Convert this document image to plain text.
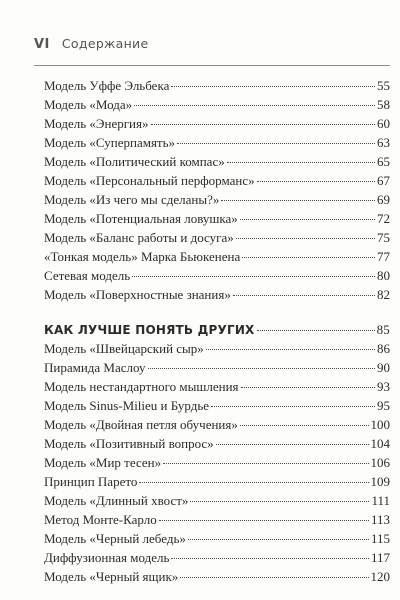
VI Содержание
Модель Уффе Эльбека	55
Модель «Мода»	58
Модель «Энергия»	60
Модель «Суперпамять»	63
Модель «Политический компас»	65
Модель «Персональный перформанс»	67
Модель «Из чего мы сделаны?»	69
Модель «Потенциальная ловушка»	72
Модель «Баланс работы и досуга»	75
«Тонкая модель» Марка Бьюкенена	77
Сетевая модель	80
Модель «Поверхностные знания»	82
КАК ЛУЧШЕ ПОНЯТЬ ДРУГИХ	85
Модель «Швейцарский сыр»	86
Пирамида Маслоу	90
Модель нестандартного мышления	93
Модель Sinus-Milieu и Бурдье	95
Модель «Двойная петля обучения»	100
Модель «Позитивный вопрос»	104
Модель «Мир тесен»	106
Принцип Парето	109
Модель «Длинный хвост»	111
Метод Монте-Карло	113
Модель «Черный лебедь»	115
Диффузионная модель	117
Модель «Черный ящик»	120
